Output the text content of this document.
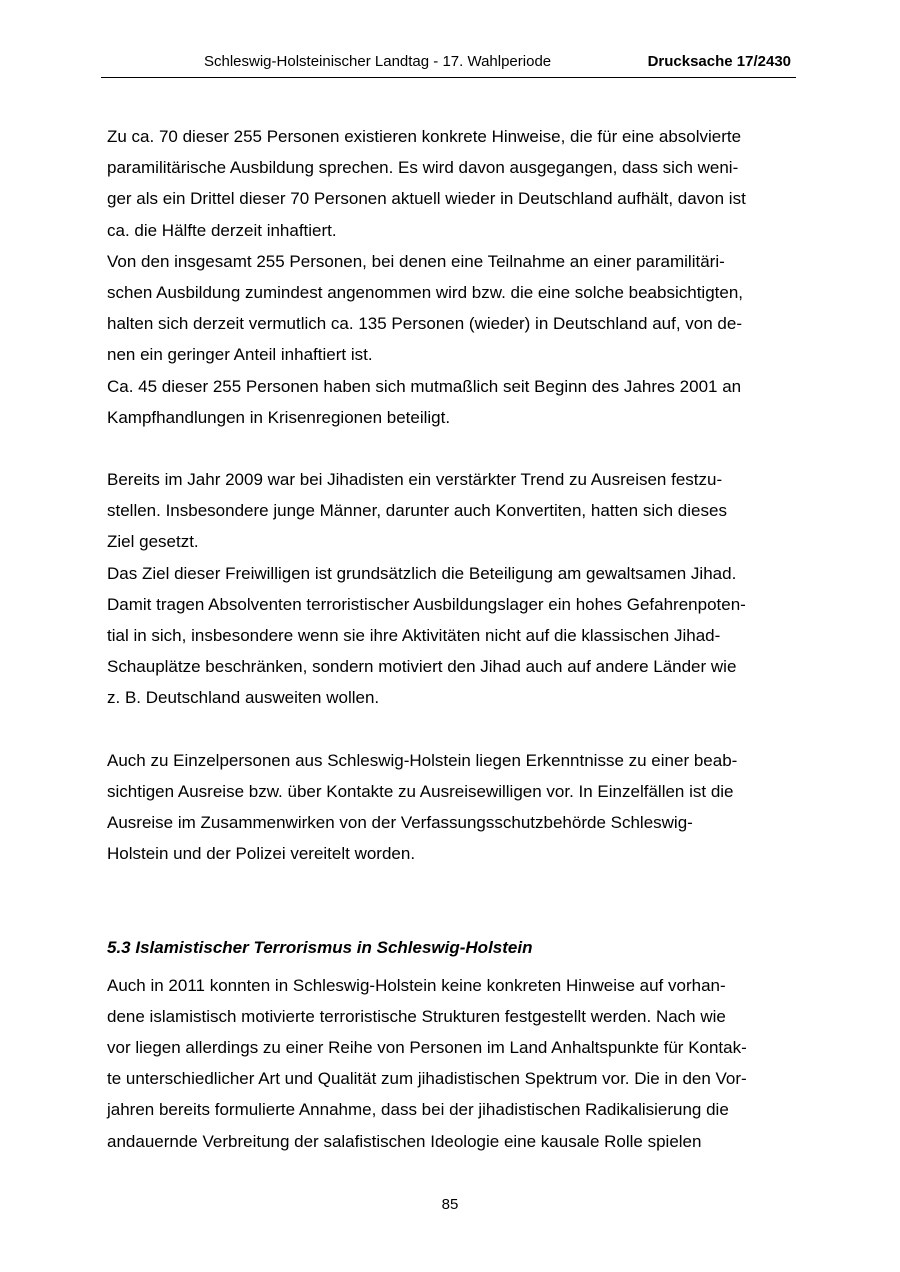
Schleswig-Holsteinischer Landtag - 17. Wahlperiode	Drucksache 17/2430
Zu ca. 70 dieser 255 Personen existieren konkrete Hinweise, die für eine absolvierte
paramilitärische Ausbildung sprechen. Es wird davon ausgegangen, dass sich weni-
ger als ein Drittel dieser 70 Personen aktuell wieder in Deutschland aufhält, davon ist
ca. die Hälfte derzeit inhaftiert.
Von den insgesamt 255 Personen, bei denen eine Teilnahme an einer paramilitäri-
schen Ausbildung zumindest angenommen wird bzw. die eine solche beabsichtigten,
halten sich derzeit vermutlich ca. 135 Personen (wieder) in Deutschland auf, von de-
nen ein geringer Anteil inhaftiert ist.
Ca. 45 dieser 255 Personen haben sich mutmaßlich seit Beginn des Jahres 2001 an
Kampfhandlungen in Krisenregionen beteiligt.
Bereits im Jahr 2009 war bei Jihadisten ein verstärkter Trend zu Ausreisen festzu-
stellen. Insbesondere junge Männer, darunter auch Konvertiten, hatten sich dieses
Ziel gesetzt.
Das Ziel dieser Freiwilligen ist grundsätzlich die Beteiligung am gewaltsamen Jihad.
Damit tragen Absolventen terroristischer Ausbildungslager ein hohes Gefahrenpoten-
tial in sich, insbesondere wenn sie ihre Aktivitäten nicht auf die klassischen Jihad-
Schauplätze beschränken, sondern motiviert den Jihad auch auf andere Länder wie
z. B. Deutschland ausweiten wollen.
Auch zu Einzelpersonen aus Schleswig-Holstein liegen Erkenntnisse zu einer beab-
sichtigen Ausreise bzw. über Kontakte zu Ausreisewilligen vor. In Einzelfällen ist die
Ausreise im Zusammenwirken von der Verfassungsschutzbehörde Schleswig-
Holstein und der Polizei vereitelt worden.
5.3 Islamistischer Terrorismus in Schleswig-Holstein
Auch in 2011 konnten in Schleswig-Holstein keine konkreten Hinweise auf vorhan-
dene islamistisch motivierte terroristische Strukturen festgestellt werden. Nach wie
vor liegen allerdings zu einer Reihe von Personen im Land Anhaltspunkte für Kontak-
te unterschiedlicher Art und Qualität zum jihadistischen Spektrum vor. Die in den Vor-
jahren bereits formulierte Annahme, dass bei der jihadistischen Radikalisierung die
andauernde Verbreitung der salafistischen Ideologie eine kausale Rolle spielen
85
